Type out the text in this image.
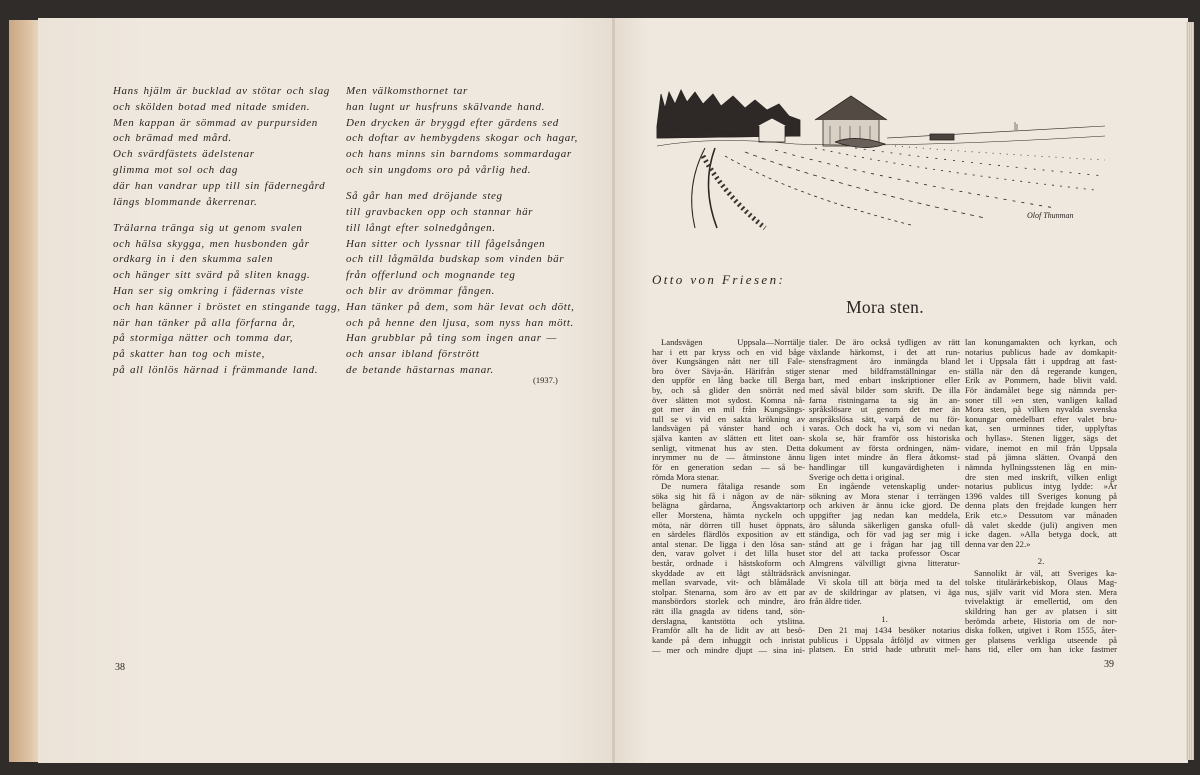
Hans hjälm är bucklad av stötar och slag
och skölden botad med nitade smiden.
Men kappan är sömmad av purpursiden
och brämad med mård.
Och svärdfästets ädelstenar
glimma mot sol och dag
där han vandrar upp till sin fädernegård
längs blommande åkerrenar.
Trälarna tränga sig ut genom svalen
och hälsa skygga, men husbonden går
ordkarg in i den skumma salen
och hänger sitt svärd på sliten knagg.
Han ser sig omkring i fädernas viste
och han känner i bröstet en stingande tagg,
när han tänker på alla förfarna år,
på stormiga nätter och tomma dar,
på skatter han tog och miste,
på all lönlös härnad i främmande land.
Men välkomsthornet tar
han lugnt ur husfruns skälvande hand.
Den drycken är bryggd efter gärdens sed
och doftar av hembygdens skogar och hagar,
och hans minns sin barndoms sommardagar
och sin ungdoms oro på vårlig hed.
Så går han med dröjande steg
till gravbacken opp och stannar här
till långt efter solnedgången.
Han sitter och lyssnar till fågelsången
och till lågmälda budskap som vinden bär
från offerlund och mognande teg
och blir av drömmar fången.
Han tänker på dem, som här levat och dött,
och på henne den ljusa, som nyss han mött.
Han grubblar på ting som ingen anar —
och ansar ibland förstrött
de betande hästarnas manar.
(1937.)
38
Olof Thunman
Otto von Friesen:
Mora sten.
Landsvägen Uppsala—Norrtälje
har i ett par kryss och en vid båge
över Kungsängen nått ner till Fale-
bro över Sävja-ån. Härifrån stiger
den uppför en lång backe till Berga
by, och så glider den snörrät ned
över slätten mot sydost. Komna nå-
got mer än en mil från Kungsängs-
tull se vi vid en sakta krökning av
landsvägen på vänster hand och i
själva kanten av slätten ett litet oan-
senligt, vitmenat hus av sten. Detta
inrymmer nu de — åtminstone ännu
för en generation sedan — så be-
römda Mora stenar.
De numera fåtaliga resande som
söka sig hit få i någon av de när-
belägna gårdarna, Ängsvaktartorp
eller Morstena, hämta nyckeln och
möta, när dörren till huset öppnats,
en särdeles flärdlös exposition av ett
antal stenar. De ligga i den lösa san-
den, varav golvet i det lilla huset
består, ordnade i hästskoform och
skyddade av ett lågt stålträdsräck
mellan svarvade, vit- och blåmålade
stolpar. Stenarna, som äro av ett par
mansbördors storlek och mindre, äro
rätt illa gnagda av tidens tand, sön-
derslagna, kantstötta och ytslitna.
Framför allt ha de lidit av att besö-
kande på dem inhuggit och inristat
— mer och mindre djupt — sina ini-
tialer. De äro också tydligen av rätt
växlande härkomst, i det att run-
stensfragment äro inmängda bland
stenar med bildframställningar en-
bart, med enbart inskriptioner eller
med såväl bilder som skrift. De illa
farna ristningarna ta sig än an-
språkslösare ut genom det mer än
anspråkslösa sätt, varpå de nu för-
varas. Och dock ha vi, som vi nedan
skola se, här framför oss historiska
dokument av första ordningen, näm-
ligen intet mindre än flera åtkomst-
handlingar till kungavärdigheten i
Sverige och detta i original.
En ingående vetenskaplig under-
sökning av Mora stenar i terrängen
och arkiven är ännu icke gjord. De
uppgifter jag nedan kan meddela,
äro sålunda säkerligen ganska ofull-
ständiga, och för vad jag ser mig i
stånd att ge i frågan har jag till
stor del att tacka professor Oscar
Almgrens välvilligt givna litteratur-
anvisningar.
Vi skola till att börja med ta del
av de skildringar av platsen, vi äga
från äldre tider.
1.
Den 21 maj 1434 besöker notarius
publicus i Uppsala åtföljd av vittnen
platsen. En strid hade utbrutit mel-
lan konungamakten och kyrkan, och
notarius publicus hade av domkapit-
let i Uppsala fått i uppdrag att fast-
ställa när den då regerande kungen,
Erik av Pommern, hade blivit vald.
För ändamålet bege sig nämnda per-
soner till »en sten, vanligen kallad
Mora sten, på vilken nyvalda svenska
konungar omedelbart efter valet bru-
kat, sen urminnes tider, upplyftas
och hyllas». Stenen ligger, sägs det
vidare, inemot en mil från Uppsala
stad på jämna slätten. Ovanpå den
nämnda hyllningsstenen låg en min-
dre sten med inskrift, vilken enligt
notarius publicus intyg lydde: »År
1396 valdes till Sveriges konung på
denna plats den frejdade kungen herr
Erik etc.» Dessutom var månaden
då valet skedde (juli) angiven men
icke dagen. »Alla betyga dock, att
denna var den 22.»
2.
Sannolikt är väl, att Sveriges ka-
tolske titulärärkebiskop, Olaus Mag-
nus, själv varit vid Mora sten. Mera
tvivelaktigt är emellertid, om den
skildring han ger av platsen i sitt
berömda arbete, Historia om de nor-
diska folken, utgivet i Rom 1555, åter-
ger platsens verkliga utseende på
hans tid, eller om han icke fastmer
39
